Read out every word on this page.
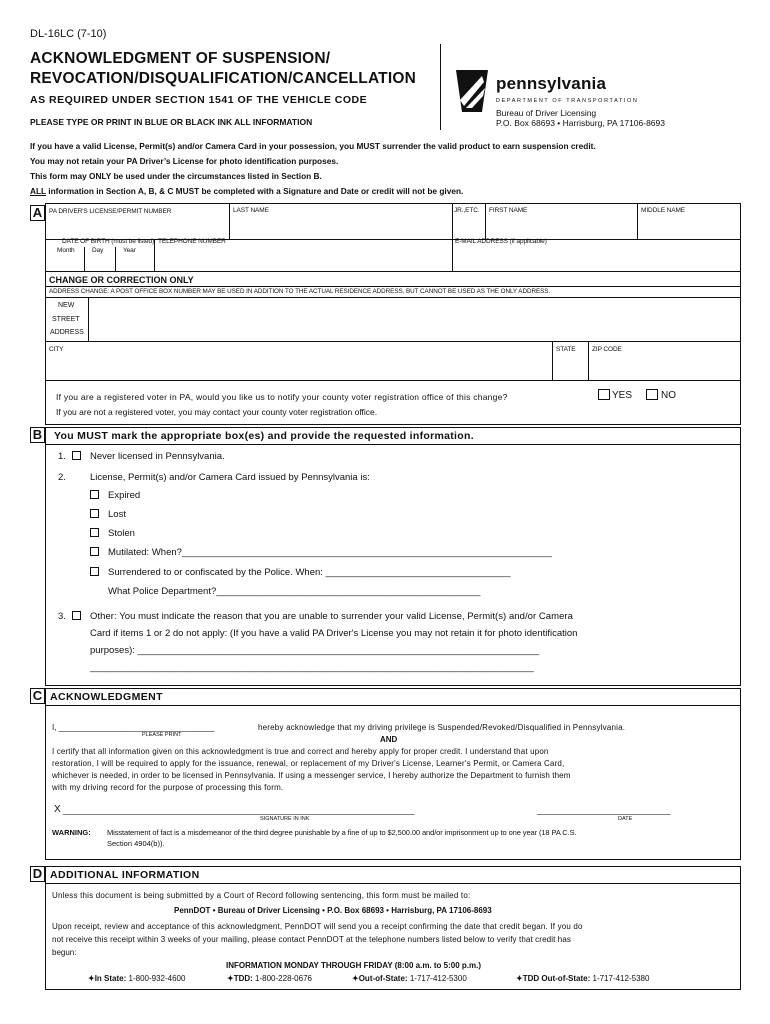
DL-16LC (7-10)
ACKNOWLEDGMENT OF SUSPENSION/
REVOCATION/DISQUALIFICATION/CANCELLATION
AS REQUIRED UNDER SECTION 1541 OF THE VEHICLE CODE
PLEASE TYPE OR PRINT IN BLUE OR BLACK INK ALL INFORMATION
pennsylvania
DEPARTMENT OF TRANSPORTATION
Bureau of Driver Licensing
P.O. Box 68693 • Harrisburg, PA 17106-8693
If you have a valid License, Permit(s) and/or Camera Card in your possession, you MUST surrender the valid product to earn suspension credit.
You may not retain your PA Driver’s License for photo identification purposes.
This form may ONLY be used under the circumstances listed in Section B.
ALL information in Section A, B, & C MUST be completed with a Signature and Date or credit will not be given.
A	PA DRIVER'S LICENSE/PERMIT NUMBER	LAST NAME	JR.,ETC. FIRST NAME	MIDDLE NAME
DATE OF BIRTH (must be listed)
Month	Day	Year
TELEPHONE NUMBER	E-MAIL ADDRESS (if applicable)
CHANGE OR CORRECTION ONLY
ADDRESS CHANGE: A POST OFFICE BOX NUMBER MAY BE USED IN ADDITION TO THE ACTUAL RESIDENCE ADDRESS, BUT CANNOT BE USED AS THE ONLY ADDRESS.
NEW
STREET
ADDRESS
CITY	STATE	ZIP CODE
If you are a registered voter in PA, would you like us to notify your county voter registration office of this change?
If you are not a registered voter, you may contact your county voter registration office.
YES	NO
B You MUST mark the appropriate box(es) and provide the requested information.
1.	Never licensed in Pennsylvania.
2.	License, Permit(s) and/or Camera Card issued by Pennsylvania is:
Expired
Lost
Stolen
Mutilated: When?______________________________________________________________________
Surrendered to or confiscated by the Police. When: ___________________________________
What Police Department?__________________________________________________
3.	Other: You must indicate the reason that you are unable to surrender your valid License, Permit(s) and/or Camera
Card if items 1 or 2 do not apply: (If you have a valid PA Driver's License you may not retain it for photo identification
purposes): ____________________________________________________________________________
____________________________________________________________________________________
C ACKNOWLEDGMENT
I, ___________________________________
PLEASE PRINT
hereby acknowledge that my driving privilege is Suspended/Revoked/Disqualified in Pennsylvania.
AND
I certify that all information given on this acknowledgment is true and correct and hereby apply for proper credit. I understand that upon
restoration, I will be required to apply for the issuance, renewal, or replacement of my Driver's License, Learner's Permit, or Camera Card,
whichever is needed, in order to be licensed in Pennsylvania. If using a messenger service, I hereby authorize the Department to furnish them
with my driving record for the purpose of processing this form.
X _______________________________________________________________________________	______________________________
SIGNATURE IN INK	DATE
WARNING: Misstatement of fact is a misdemeanor of the third degree punishable by a fine of up to $2,500.00 and/or imprisonment up to one year (18 PA C.S.
Section 4904(b)).
D ADDITIONAL INFORMATION
Unless this document is being submitted by a Court of Record following sentencing, this form must be mailed to:
PennDOT • Bureau of Driver Licensing • P.O. Box 68693 • Harrisburg, PA 17106-8693
Upon receipt, review and acceptance of this acknowledgment, PennDOT will send you a receipt confirming the date that credit began. If you do
not receive this receipt within 3 weeks of your mailing, please contact PennDOT at the telephone numbers listed below to verify that credit has
begun:
INFORMATION MONDAY THROUGH FRIDAY (8:00 a.m. to 5:00 p.m.)
✦In State: 1-800-932-4600	✦TDD: 1-800-228-0676	✦Out-of-State: 1-717-412-5300	✦TDD Out-of-State: 1-717-412-5380
